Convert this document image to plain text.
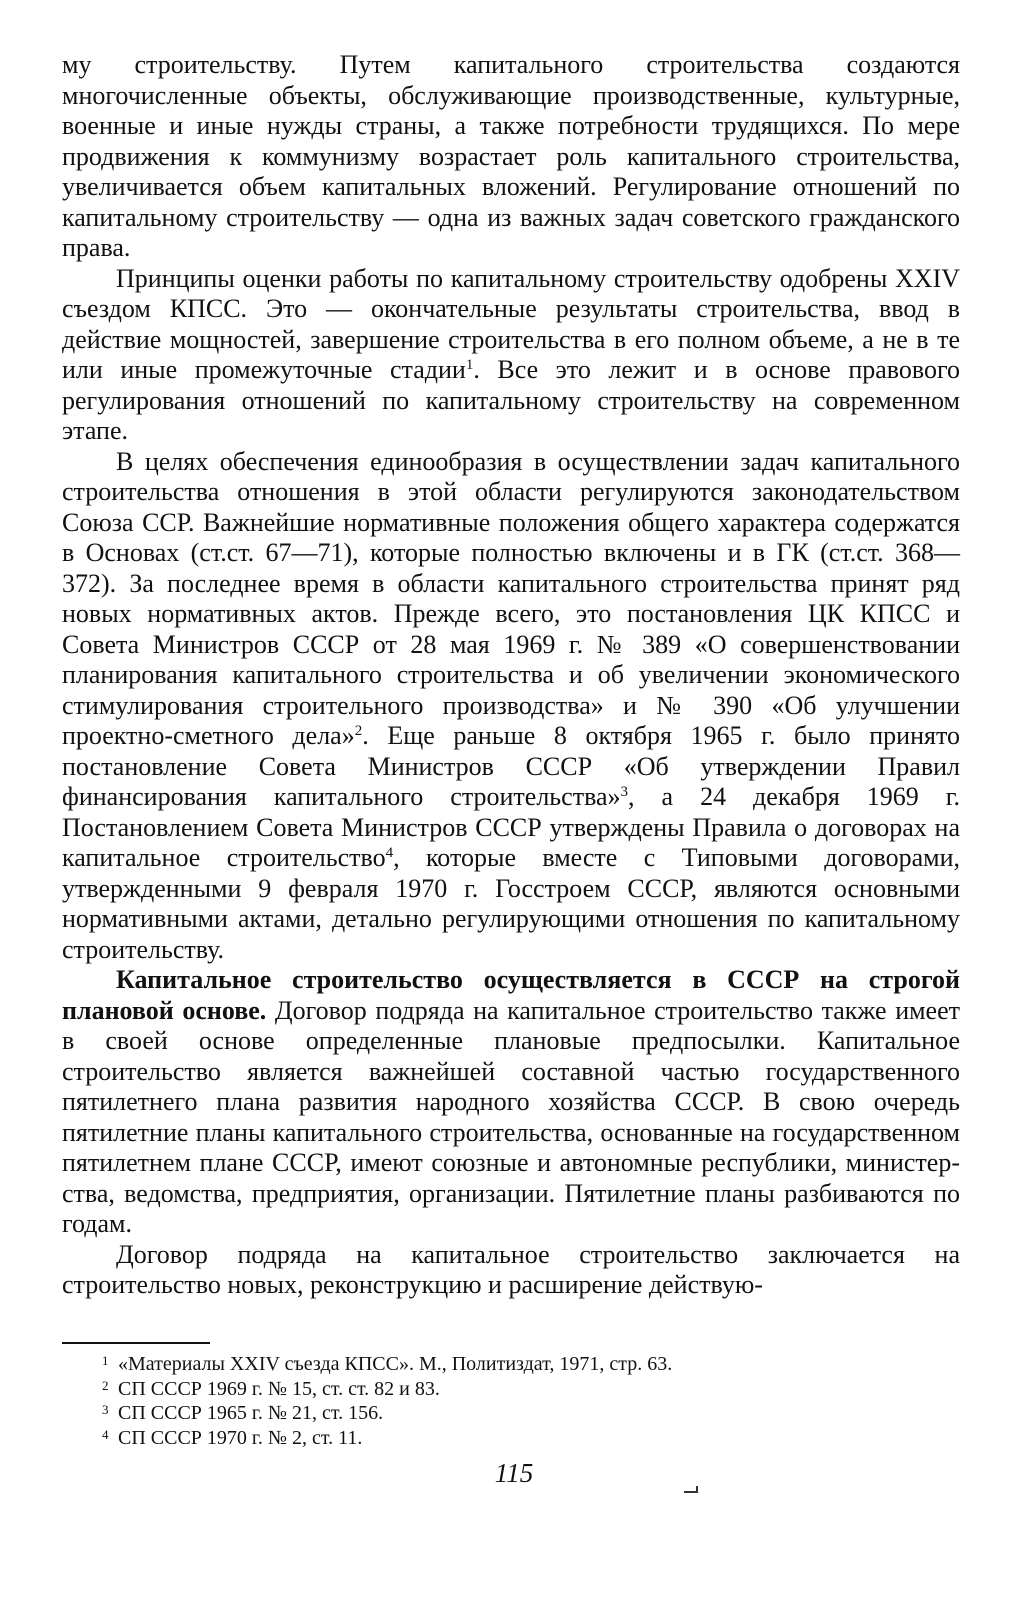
му строительству. Путем капитального строительства создаются многочисленные объекты, обслуживающие производственные, культурные, военные и иные нужды страны, а также потребности трудящихся. По мере продвижения к коммунизму возрастает роль капитального строительства, увеличивается объем капитальных вложений. Регулирование отношений по капитальному строительству — одна из важных задач советского гражданского права.

Принципы оценки работы по капитальному строительству одобрены XXIV съездом КПСС. Это — окончательные результаты строительства, ввод в действие мощностей, завершение строительства в его полном объеме, а не в те или иные промежуточные стадии$^1$. Все это лежит и в основе правового регулирования отношений по капитальному строительству на современном этапе.

В целях обеспечения единообразия в осуществлении задач капитального строительства отношения в этой области регулируются законодательством Союза ССР. Важнейшие нормативные положения общего характера содержатся в Основах (ст.ст. 67—71), которые полностью включены и в ГК (ст.ст. 368—372). За последнее время в области капитального строительства принят ряд новых нормативных актов. Прежде всего, это постановления ЦК КПСС и Совета Министров СССР от 28 мая 1969 г. № 389 «О совершенствовании планирования капитального строительства и об увеличении экономического стимулирования строительного производства» и № 390 «Об улучшении проектно-сметного дела»$^2$. Еще раньше 8 октября 1965 г. было принято постановление Совета Министров СССР «Об утверждении Правил финансирования капитального строительства»$^3$, а 24 декабря 1969 г. Постановлением Совета Министров СССР утверждены Правила о договорах на капитальное строительство$^4$, которые вместе с Типовыми договорами, утвержденными 9 февраля 1970 г. Госстроем СССР, являются основными нормативными актами, детально регулирующими отношения по капитальному строительству.

Капитальное строительство осуществляется в СССР на строгой плановой основе. Договор подряда на капитальное строительство также имеет в своей основе определенные плановые предпосылки. Капитальное строительство является важнейшей составной частью государственного пятилетнего плана развития народного хозяйства СССР. В свою очередь пятилетние планы капитального строительства, основанные на государственном пятилетнем плане СССР, имеют союзные и автономные республики, министерства, ведомства, предприятия, организации. Пятилетние планы разбиваются по годам.

Договор подряда на капитальное строительство заключается на строительство новых, реконструкцию и расширение действую-

1 «Материалы XXIV съезда КПСС». М., Политиздат, 1971, стр. 63.

2 СП СССР 1969 г. № 15, ст. ст. 82 и 83.

3 СП СССР 1965 г. № 21, ст. 156.

4 СП СССР 1970 г. № 2, ст. 11.

115
